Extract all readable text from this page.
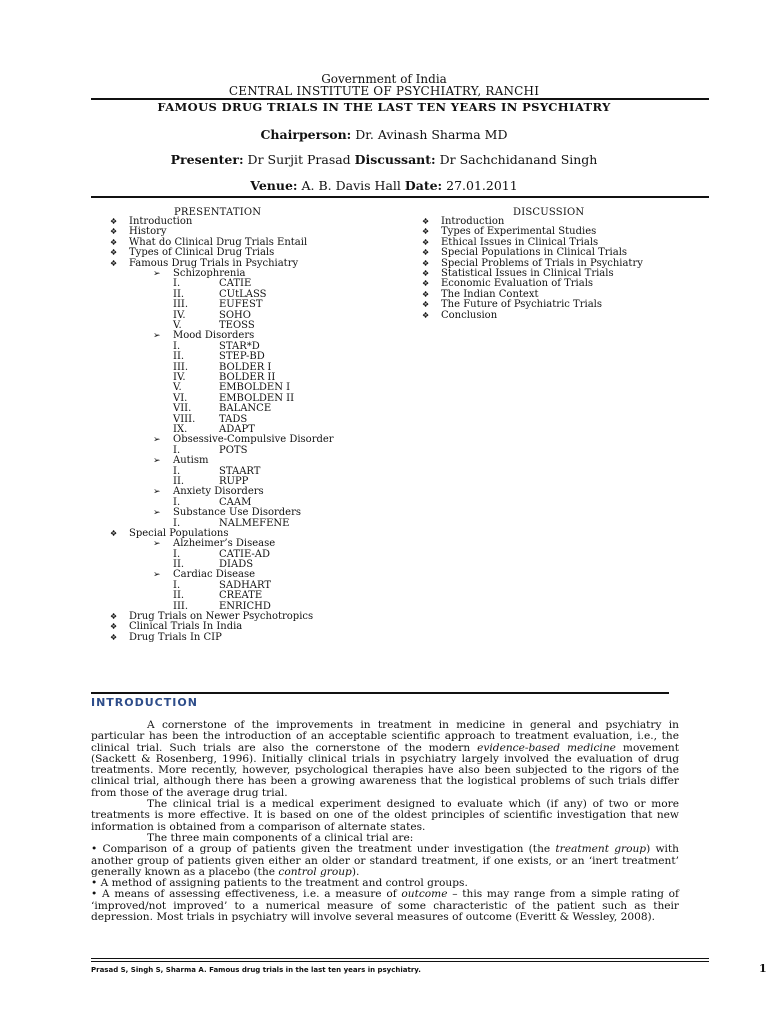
Government of India
CENTRAL INSTITUTE OF PSYCHIATRY, RANCHI
FAMOUS DRUG TRIALS IN THE LAST TEN YEARS IN PSYCHIATRY
Chairperson: Dr. Avinash Sharma MD
Presenter: Dr Surjit Prasad Discussant: Dr Sachchidanand Singh
Venue: A. B. Davis Hall Date: 27.01.2011
PRESENTATION
❖ Introduction
❖ History
❖ What do Clinical Drug Trials Entail
❖ Types of Clinical Drug Trials
❖ Famous Drug Trials in Psychiatry
➢ Schizophrenia
I.	CATIE
II.	CUtLASS
III.	EUFEST
IV.	SOHO
V.	TEOSS
➢ Mood Disorders
I.	STAR*D
II.	STEP-BD
III.	BOLDER I
IV.	BOLDER II
V.	EMBOLDEN I
VI.	EMBOLDEN II
VII.	BALANCE
VIII. TADS
IX.	ADAPT
➢ Obsessive-Compulsive Disorder
I.	POTS
➢ Autism
I.	STAART
II.	RUPP
➢ Anxiety Disorders
I.	CAAM
➢ Substance Use Disorders
I.	NALMEFENE
❖ Special Populations
➢ Alzheimer’s Disease
I.	CATIE-AD
II.	DIADS
➢ Cardiac Disease
I.	SADHART
II.	CREATE
III.	ENRICHD
❖ Drug Trials on Newer Psychotropics
❖ Clinical Trials In India
❖ Drug Trials In CIP
DISCUSSION
❖ Introduction
❖ Types of Experimental Studies
❖ Ethical Issues in Clinical Trials
❖ Special Populations in Clinical Trials
❖ Special Problems of Trials in Psychiatry
❖ Statistical Issues in Clinical Trials
❖ Economic Evaluation of Trials
❖ The Indian Context
❖ The Future of Psychiatric Trials
❖ Conclusion
INTRODUCTION

A cornerstone of the improvements in treatment in medicine in general and psychiatry in particular has been the introduction of an acceptable scientific approach to treatment evaluation, i.e., the clinical trial. Such trials are also the cornerstone of the modern evidence-based medicine movement (Sackett & Rosenberg, 1996). Initially clinical trials in psychiatry largely involved the evaluation of drug treatments. More recently, however, psychological therapies have also been subjected to the rigors of the clinical trial, although there has been a growing awareness that the logistical problems of such trials differ from those of the average drug trial.

The clinical trial is a medical experiment designed to evaluate which (if any) of two or more treatments is more effective. It is based on one of the oldest principles of scientific investigation that new information is obtained from a comparison of alternate states.

The three main components of a clinical trial are:

• Comparison of a group of patients given the treatment under investigation (the treatment group) with another group of patients given either an older or standard treatment, if one exists, or an ‘inert treatment’ generally known as a placebo (the control group).

• A method of assigning patients to the treatment and control groups.

• A means of assessing effectiveness, i.e. a measure of outcome – this may range from a simple rating of ‘improved/not improved’ to a numerical measure of some characteristic of the patient such as their depression. Most trials in psychiatry will involve several measures of outcome (Everitt & Wessley, 2008).

Prasad S, Singh S, Sharma A. Famous drug trials in the last ten years in psychiatry.	1
